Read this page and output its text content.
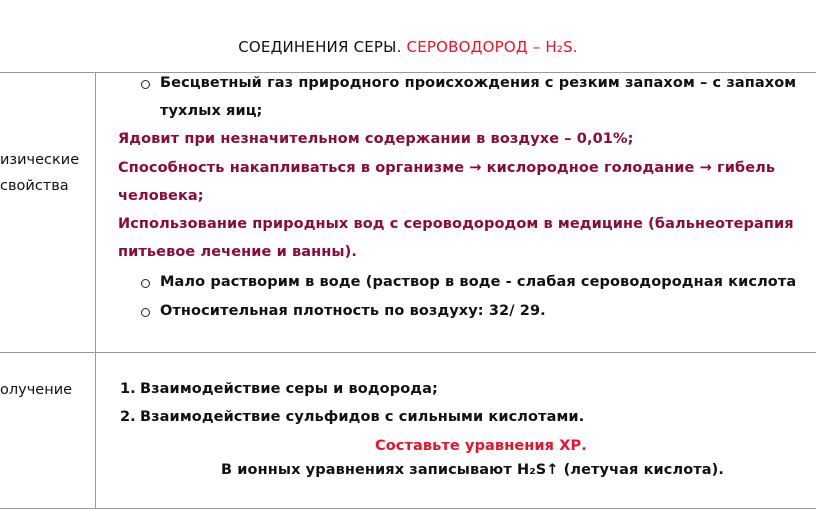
СОЕДИНЕНИЯ СЕРЫ. СЕРОВОДОРОД – H₂S.
изические
свойства
Бесцветный газ природного происхождения с резким запахом – с запахом
тухлых яиц;
Ядовит при незначительном содержании в воздухе – 0,01%;
Способность накапливаться в организме → кислородное голодание → гибель
человека;
Использование природных вод с сероводородом в медицине (бальнеотерапия
питьевое лечение и ванны).
Мало растворим в воде (раствор в воде - слабая сероводородная кислота
Относительная плотность по воздуху: 32/ 29.
олучение	1. Взаимодействие серы и водорода;
2. Взаимодействие сульфидов с сильными кислотами.
Составьте уравнения ХР.
В ионных уравнениях записывают H₂S↑ (летучая кислота).
